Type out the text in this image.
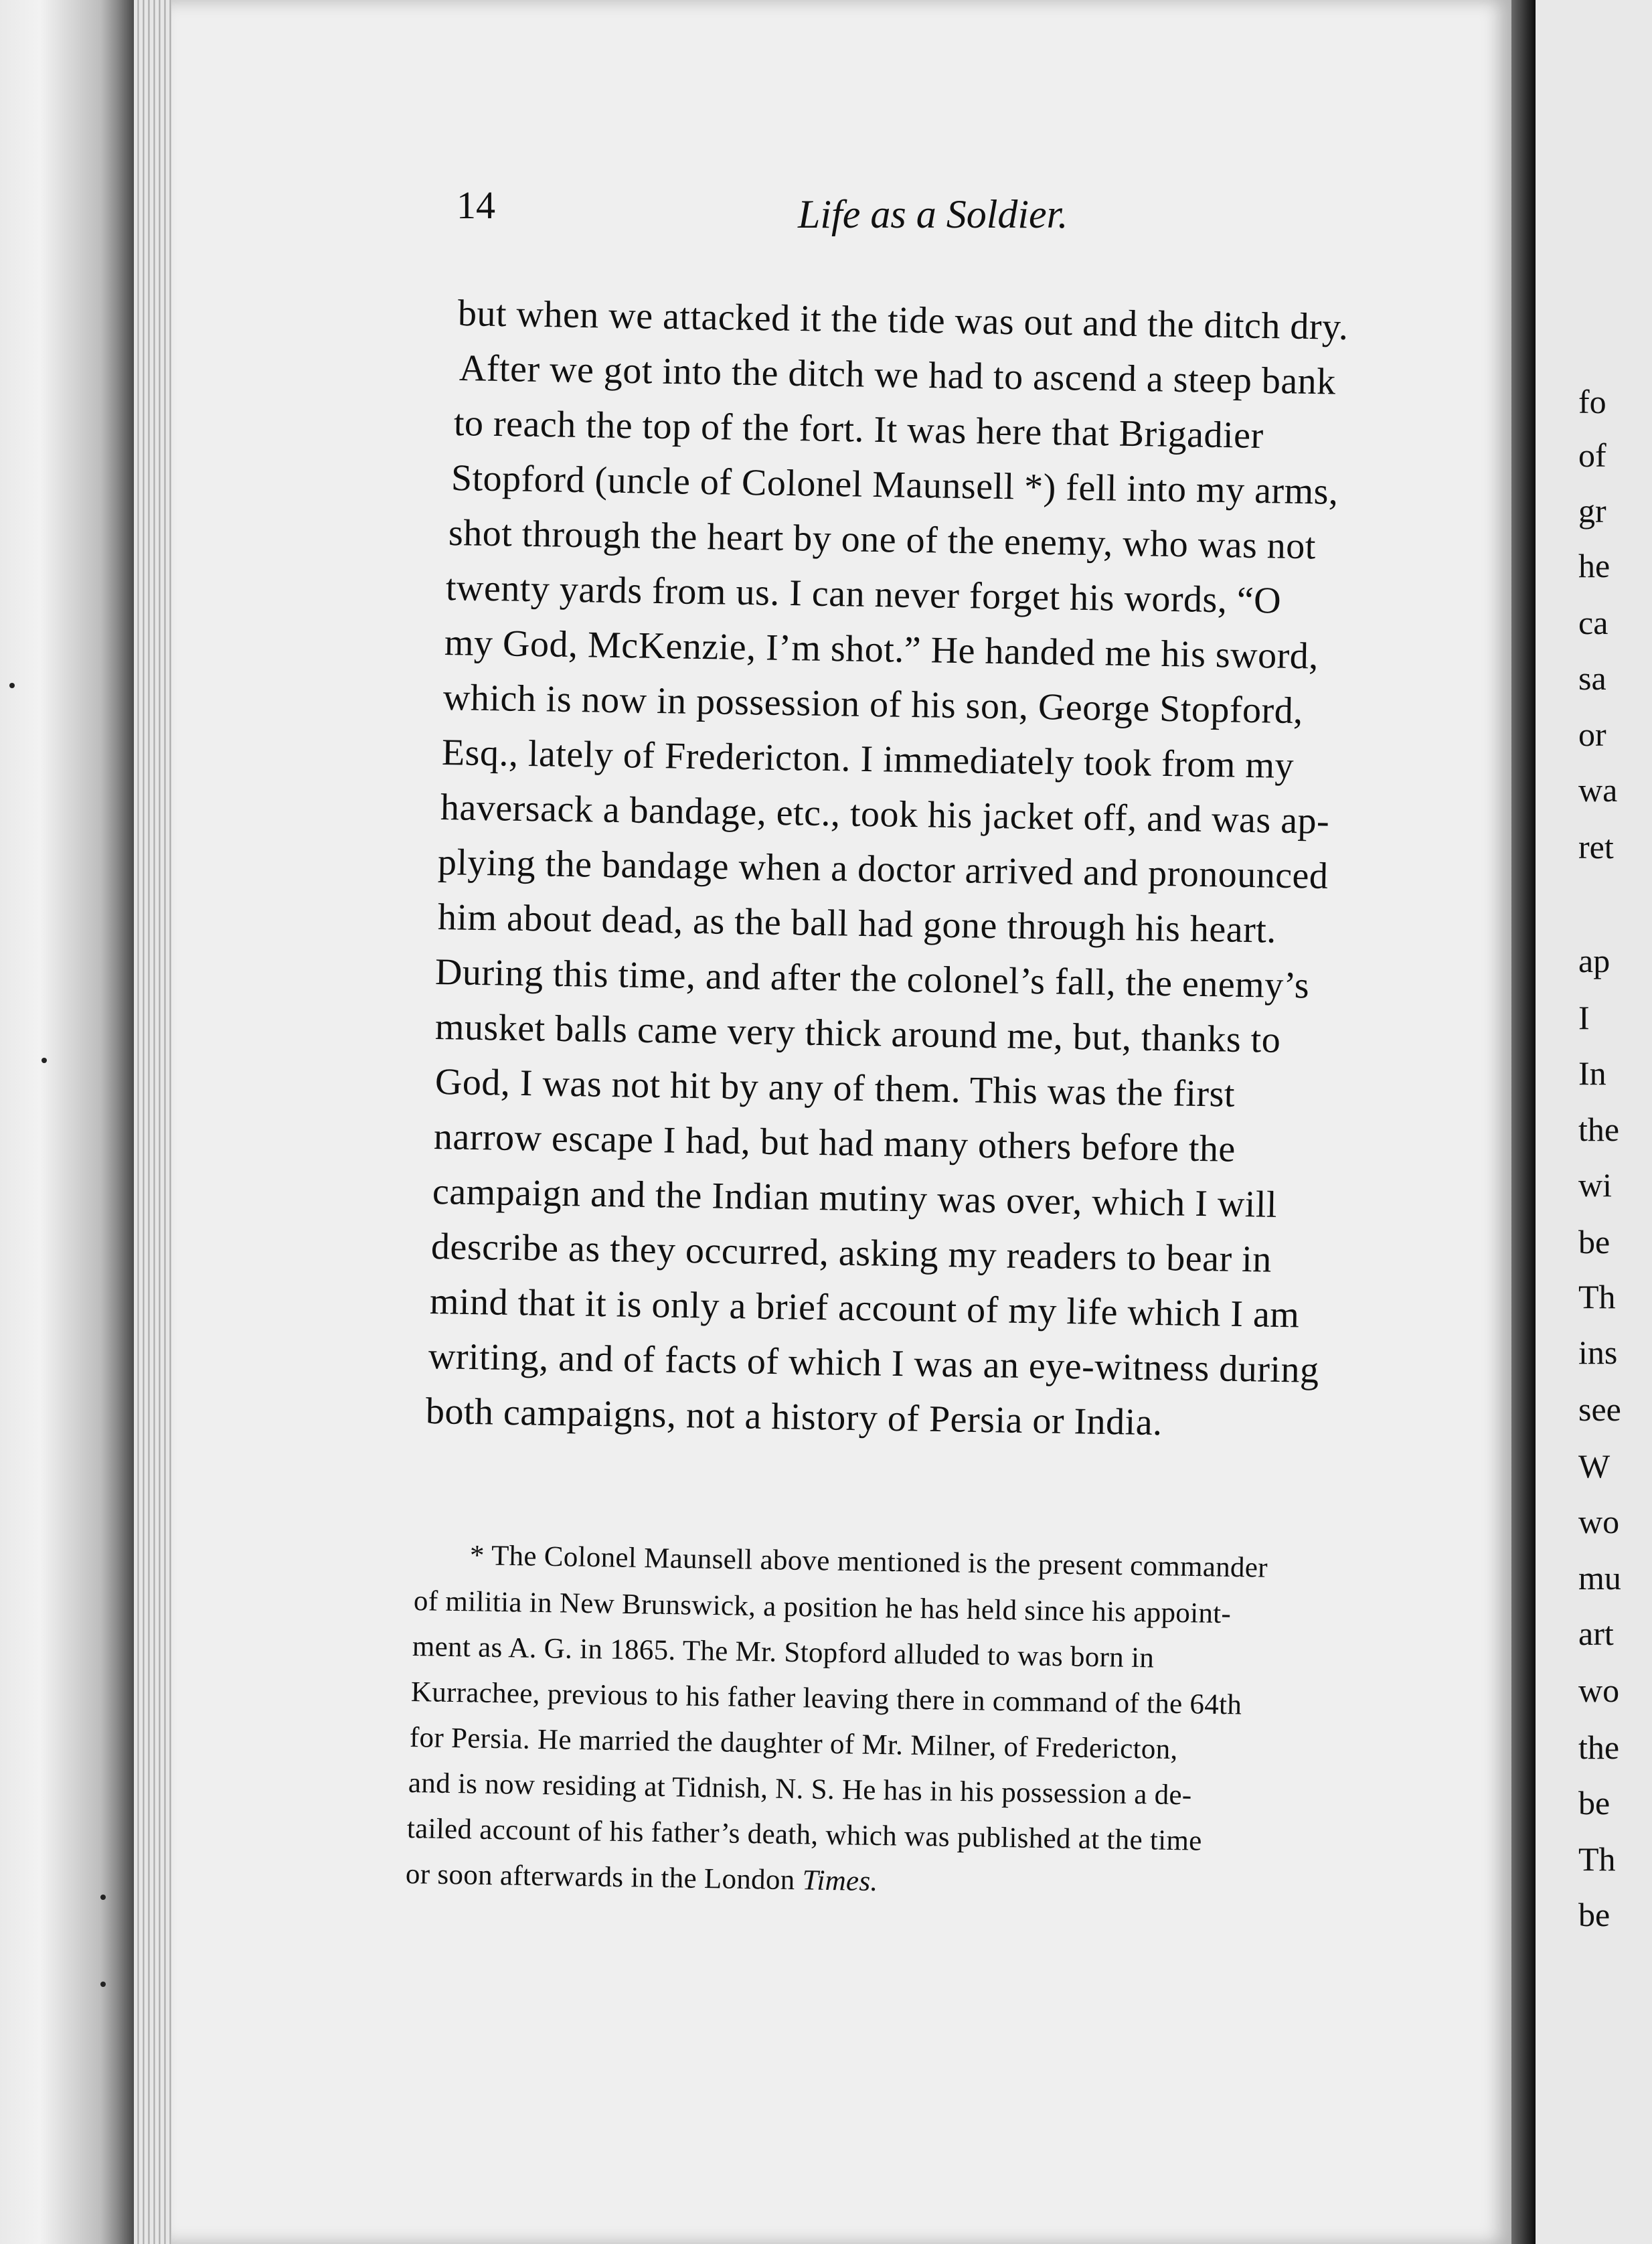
14	Life as a Soldier.
but when we attacked it the tide was out and the ditch dry.
After we got into the ditch we had to ascend a steep bank
to reach the top of the fort. It was here that Brigadier
Stopford (uncle of Colonel Maunsell *) fell into my arms,
shot through the heart by one of the enemy, who was not
twenty yards from us. I can never forget his words, “O
my God, McKenzie, I’m shot.” He handed me his sword,
which is now in possession of his son, George Stopford,
Esq., lately of Fredericton. I immediately took from my
haversack a bandage, etc., took his jacket off, and was ap-
plying the bandage when a doctor arrived and pronounced
him about dead, as the ball had gone through his heart.
During this time, and after the colonel’s fall, the enemy’s
musket balls came very thick around me, but, thanks to
God, I was not hit by any of them. This was the first
narrow escape I had, but had many others before the
campaign and the Indian mutiny was over, which I will
describe as they occurred, asking my readers to bear in
mind that it is only a brief account of my life which I am
writing, and of facts of which I was an eye-witness during
both campaigns, not a history of Persia or India.
* The Colonel Maunsell above mentioned is the present commander
of militia in New Brunswick, a position he has held since his appoint-
ment as A. G. in 1865. The Mr. Stopford alluded to was born in
Kurrachee, previous to his father leaving there in command of the 64th
for Persia. He married the daughter of Mr. Milner, of Fredericton,
and is now residing at Tidnish, N. S. He has in his possession a de-
tailed account of his father’s death, which was published at the time
or soon afterwards in the London Times.
fo
of
gr
he
ca
sa
or
wa
ret
ap
I
In
the
wi
be
Th
ins
see
W
wo
mu
art
wo
the
be
Th
be
